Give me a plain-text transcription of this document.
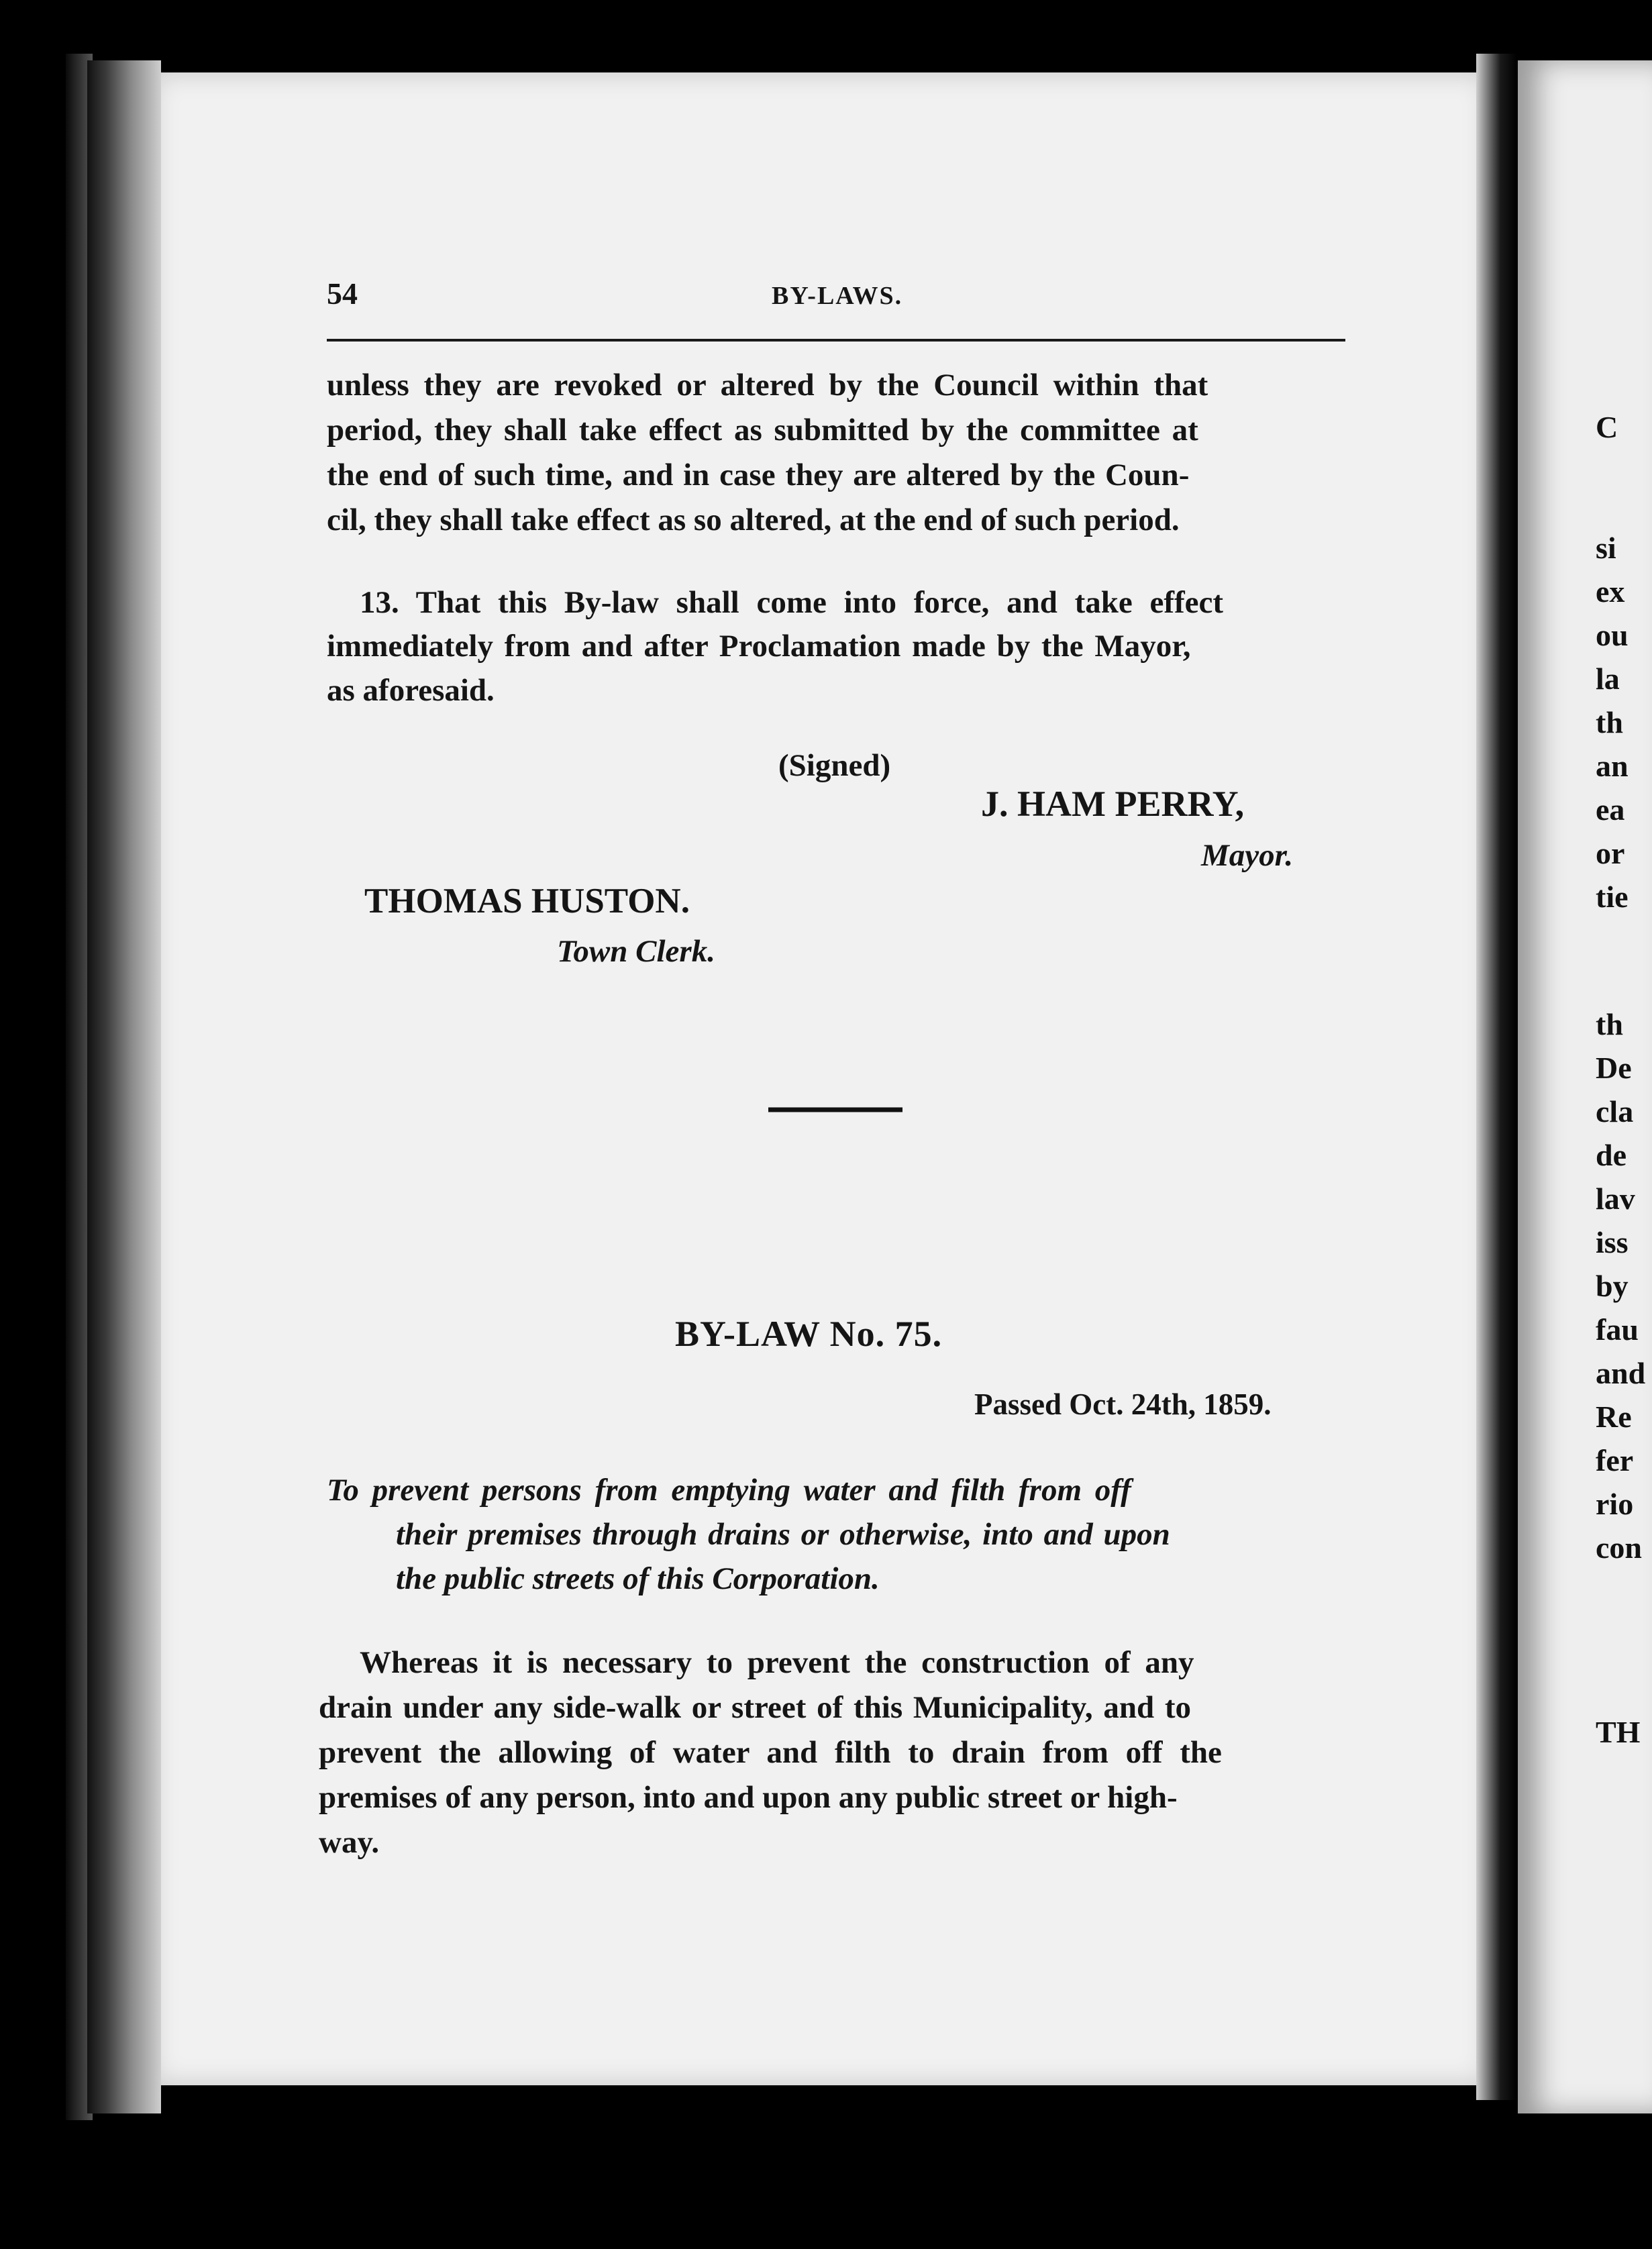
54	BY-LAWS.
unless they are revoked or altered by the Council within that
period, they shall take effect as submitted by the committee at
the end of such time, and in case they are altered by the Coun-
cil, they shall take effect as so altered, at the end of such period.
13. That this By-law shall come into force, and take effect
immediately from and after Proclamation made by the Mayor,
as aforesaid.
(Signed)
J. HAM PERRY,
Mayor.
THOMAS HUSTON.
Town Clerk.
BY-LAW No. 75.
Passed Oct. 24th, 1859.
To prevent persons from emptying water and filth from off
their premises through drains or otherwise, into and upon
the public streets of this Corporation.
Whereas it is necessary to prevent the construction of any
drain under any side-walk or street of this Municipality, and to
prevent the allowing of water and filth to drain from off the
premises of any person, into and upon any public street or high-
way.
C
si
ex
ou
la
th
an
ea
or
tie
th
De
cla
de
lav
iss
by
fau
and
Re
fer
rio
con
TH
